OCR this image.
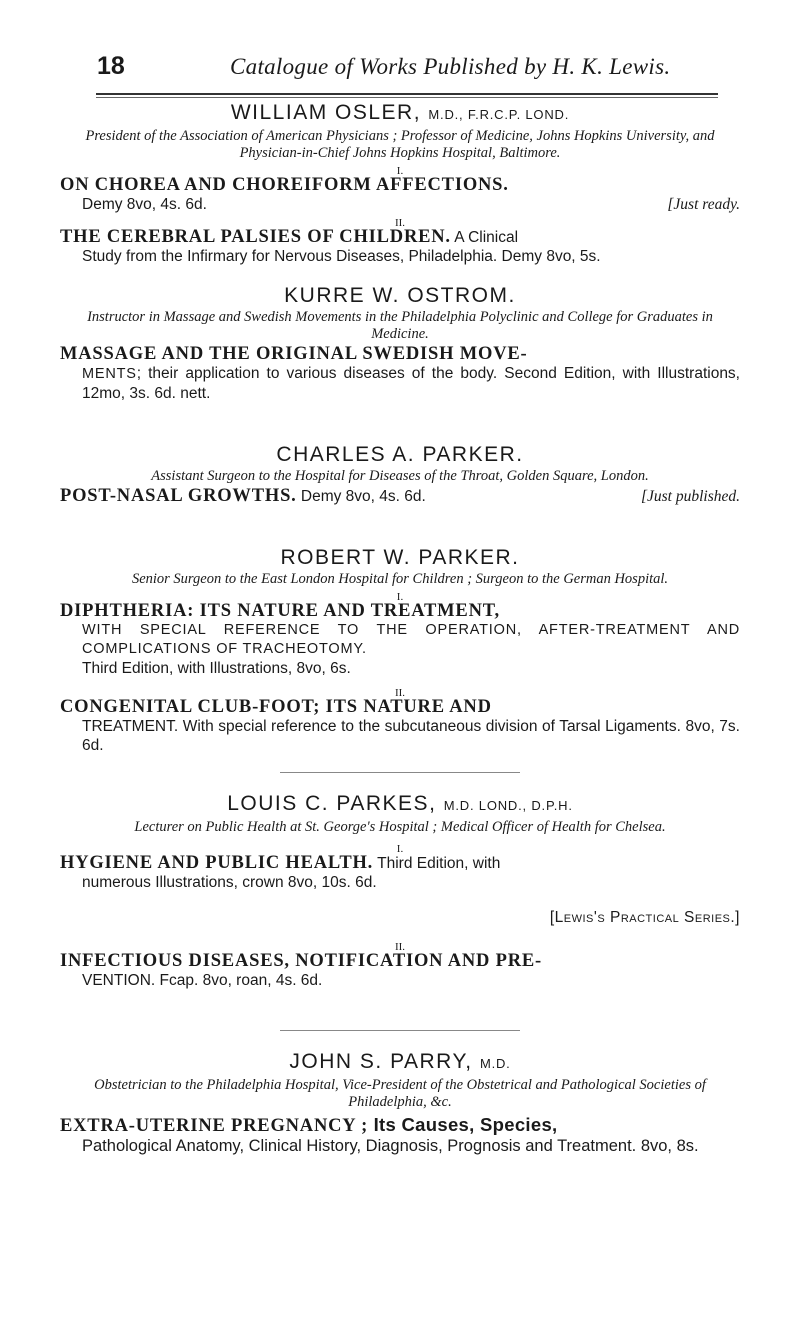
18	Catalogue of Works Published by H. K. Lewis.

WILLIAM OSLER, M.D., F.R.C.P. LOND.

President of the Association of American Physicians ; Professor of Medicine, Johns Hopkins University, and Physician-in-Chief Johns Hopkins Hospital, Baltimore.

I.

ON CHOREA AND CHOREIFORM AFFECTIONS.

Demy 8vo, 4s. 6d.	[Just ready.

II.

THE CEREBRAL PALSIES OF CHILDREN. A Clinical

Study from the Infirmary for Nervous Diseases, Philadelphia. Demy 8vo, 5s.

KURRE W. OSTROM.

Instructor in Massage and Swedish Movements in the Philadelphia Polyclinic and College for Graduates in Medicine.

MASSAGE AND THE ORIGINAL SWEDISH MOVE-

MENTS; their application to various diseases of the body. Second Edition, with Illustrations, 12mo, 3s. 6d. nett.

CHARLES A. PARKER.

Assistant Surgeon to the Hospital for Diseases of the Throat, Golden Square, London.

POST-NASAL GROWTHS. Demy 8vo, 4s. 6d.	[Just published.

ROBERT W. PARKER.

Senior Surgeon to the East London Hospital for Children ; Surgeon to the German Hospital.

I.

DIPHTHERIA: ITS NATURE AND TREATMENT,

WITH SPECIAL REFERENCE TO THE OPERATION, AFTER-TREATMENT AND COMPLICATIONS OF TRACHEOTOMY.

Third Edition, with Illustrations, 8vo, 6s.

II.

CONGENITAL CLUB-FOOT; ITS NATURE AND

TREATMENT. With special reference to the subcutaneous division of Tarsal Ligaments. 8vo, 7s. 6d.

LOUIS C. PARKES, M.D. LOND., D.P.H.

Lecturer on Public Health at St. George's Hospital ; Medical Officer of Health for Chelsea.

I.

HYGIENE AND PUBLIC HEALTH. Third Edition, with

numerous Illustrations, crown 8vo, 10s. 6d.

[Lewis's Practical Series.]

II.

INFECTIOUS DISEASES, NOTIFICATION AND PRE-

VENTION. Fcap. 8vo, roan, 4s. 6d.

JOHN S. PARRY, M.D.

Obstetrician to the Philadelphia Hospital, Vice-President of the Obstetrical and Pathological Societies of Philadelphia, &c.

EXTRA-UTERINE PREGNANCY ; Its Causes, Species,

Pathological Anatomy, Clinical History, Diagnosis, Prognosis and Treatment. 8vo, 8s.
